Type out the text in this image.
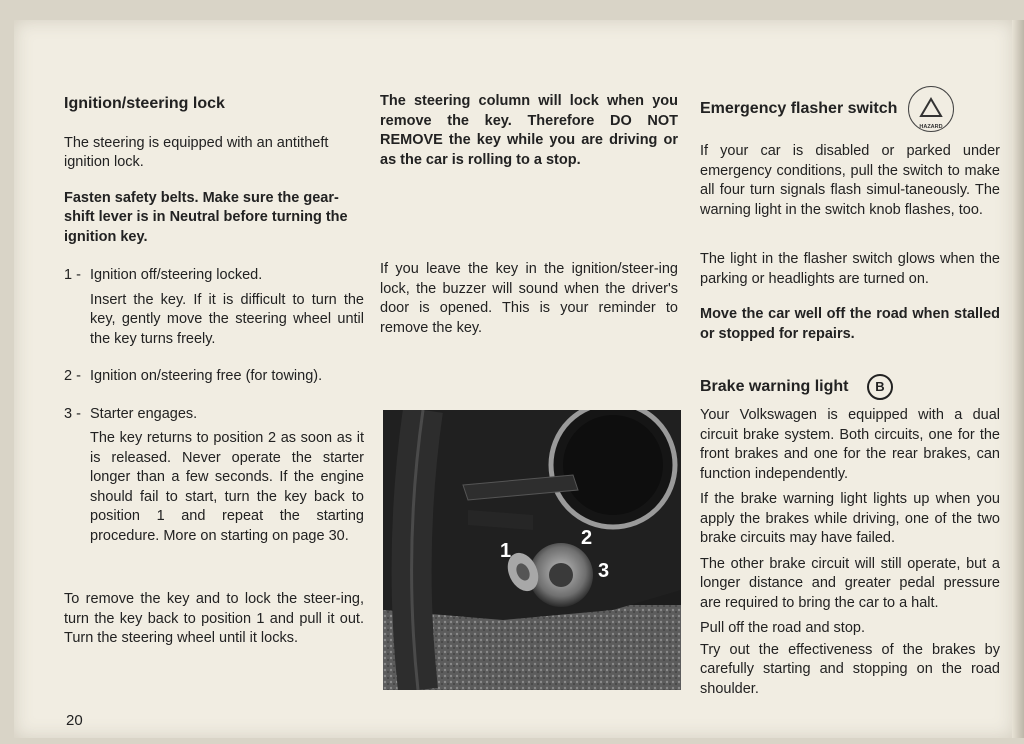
Ignition/steering lock

The steering is equipped with an antitheft ignition lock.

Fasten safety belts. Make sure the gear-shift lever is in Neutral before turning the ignition key.

1 - Ignition off/steering locked.

Insert the key. If it is difficult to turn the key, gently move the steering wheel until the key turns freely.

2 - Ignition on/steering free (for towing).
3 - Starter engages.

The key returns to position 2 as soon as it is released. Never operate the starter longer than a few seconds. If the engine should fail to start, turn the key back to position 1 and repeat the starting procedure. More on starting on page 30.

To remove the key and to lock the steer-ing, turn the key back to position 1 and pull it out. Turn the steering wheel until it locks.

The steering column will lock when you remove the key. Therefore DO NOT REMOVE the key while you are driving or as the car is rolling to a stop.

If you leave the key in the ignition/steer-ing lock, the buzzer will sound when the driver's door is opened. This is your reminder to remove the key.

1
2
3
Emergency flasher switch
HAZARD

If your car is disabled or parked under emergency conditions, pull the switch to make all four turn signals flash simul-taneously. The warning light in the switch knob flashes, too.

The light in the flasher switch glows when the parking or headlights are turned on.

Move the car well off the road when stalled or stopped for repairs.

Brake warning light B

Your Volkswagen is equipped with a dual circuit brake system. Both circuits, one for the front brakes and one for the rear brakes, can function independently.

If the brake warning light lights up when you apply the brakes while driving, one of the two brake circuits may have failed.

The other brake circuit will still operate, but a longer distance and greater pedal pressure are required to bring the car to a halt.

Pull off the road and stop.

Try out the effectiveness of the brakes by carefully starting and stopping on the road shoulder.

20
